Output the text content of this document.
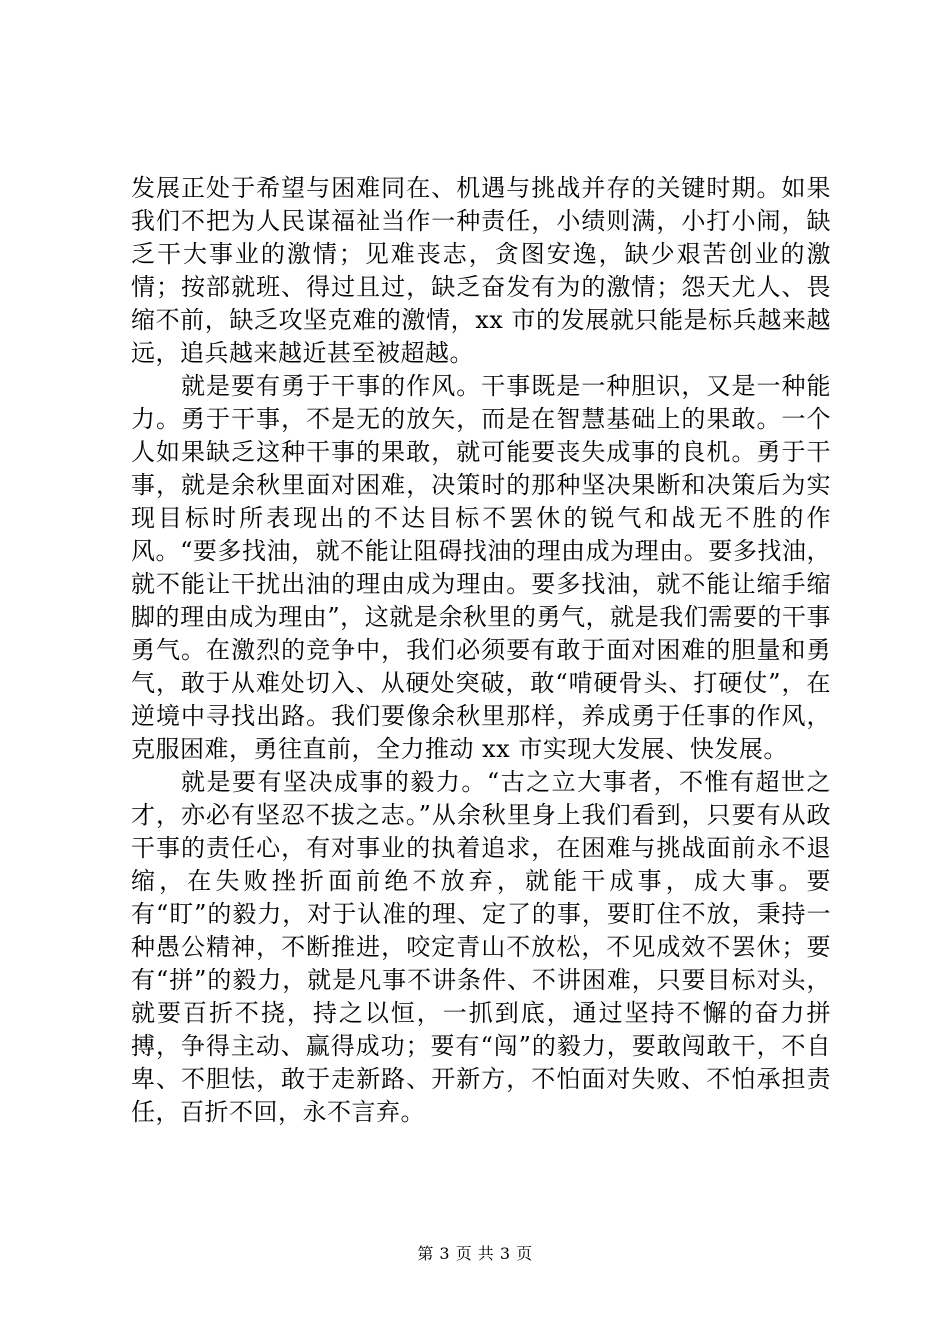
发展正处于希望与困难同在、机遇与挑战并存的关键时期。如果我们不把为人民谋福祉当作一种责任，小绩则满，小打小闹，缺乏干大事业的激情；见难丧志，贪图安逸，缺少艰苦创业的激情；按部就班、得过且过，缺乏奋发有为的激情；怨天尤人、畏缩不前，缺乏攻坚克难的激情，xx 市的发展就只能是标兵越来越远，追兵越来越近甚至被超越。

就是要有勇于干事的作风。干事既是一种胆识，又是一种能力。勇于干事，不是无的放矢，而是在智慧基础上的果敢。一个人如果缺乏这种干事的果敢，就可能要丧失成事的良机。勇于干事，就是余秋里面对困难，决策时的那种坚决果断和决策后为实现目标时所表现出的不达目标不罢休的锐气和战无不胜的作风。“要多找油，就不能让阻碍找油的理由成为理由。要多找油，就不能让干扰出油的理由成为理由。要多找油，就不能让缩手缩脚的理由成为理由”，这就是余秋里的勇气，就是我们需要的干事勇气。在激烈的竞争中，我们必须要有敢于面对困难的胆量和勇气，敢于从难处切入、从硬处突破，敢“啃硬骨头、打硬仗”，在逆境中寻找出路。我们要像余秋里那样，养成勇于任事的作风，克服困难，勇往直前，全力推动 xx 市实现大发展、快发展。

就是要有坚决成事的毅力。“古之立大事者，不惟有超世之才，亦必有坚忍不拔之志。”从余秋里身上我们看到，只要有从政干事的责任心，有对事业的执着追求，在困难与挑战面前永不退缩，在失败挫折面前绝不放弃，就能干成事，成大事。要有“盯”的毅力，对于认准的理、定了的事，要盯住不放，秉持一种愚公精神，不断推进，咬定青山不放松，不见成效不罢休；要有“拼”的毅力，就是凡事不讲条件、不讲困难，只要目标对头，就要百折不挠，持之以恒，一抓到底，通过坚持不懈的奋力拼搏，争得主动、赢得成功；要有“闯”的毅力，要敢闯敢干，不自卑、不胆怯，敢于走新路、开新方，不怕面对失败、不怕承担责任，百折不回，永不言弃。

第 3 页 共 3 页
